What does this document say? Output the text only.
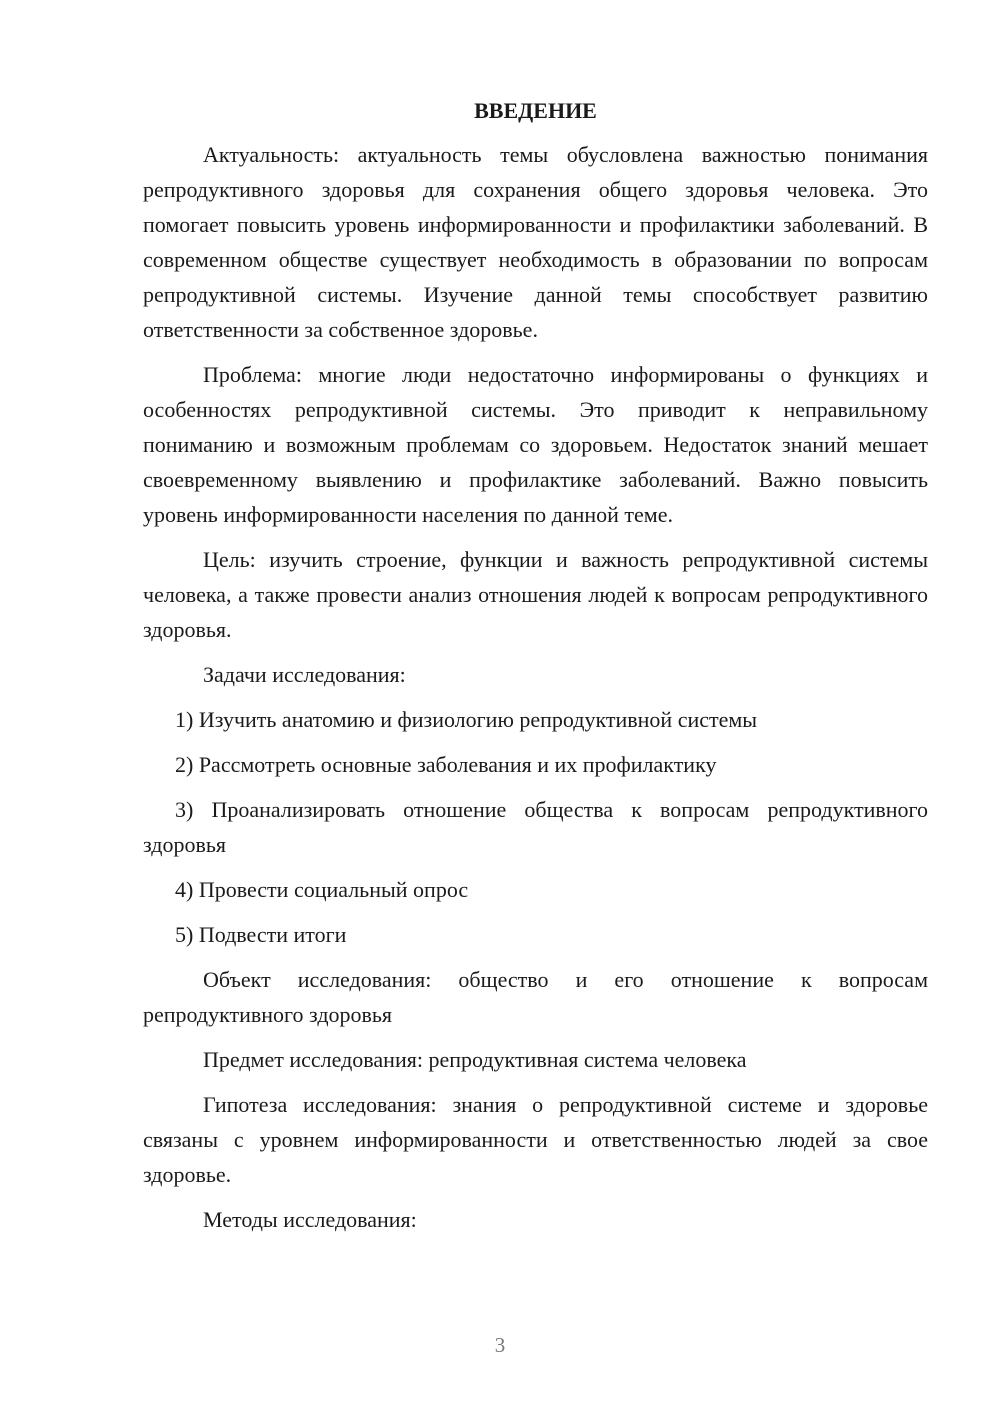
ВВЕДЕНИЕ

Актуальность: актуальность темы обусловлена важностью понимания репродуктивного здоровья для сохранения общего здоровья человека. Это помогает повысить уровень информированности и профилактики заболеваний. В современном обществе существует необходимость в образовании по вопросам репродуктивной системы. Изучение данной темы способствует развитию ответственности за собственное здоровье.

Проблема: многие люди недостаточно информированы о функциях и особенностях репродуктивной системы. Это приводит к неправильному пониманию и возможным проблемам со здоровьем. Недостаток знаний мешает своевременному выявлению и профилактике заболеваний. Важно повысить уровень информированности населения по данной теме.

Цель: изучить строение, функции и важность репродуктивной системы человека, а также провести анализ отношения людей к вопросам репродуктивного здоровья.

Задачи исследования:

1) Изучить анатомию и физиологию репродуктивной системы

2) Рассмотреть основные заболевания и их профилактику

3) Проанализировать отношение общества к вопросам репродуктивного здоровья

4) Провести социальный опрос

5) Подвести итоги

Объект исследования: общество и его отношение к вопросам репродуктивного здоровья

Предмет исследования: репродуктивная система человека

Гипотеза исследования: знания о репродуктивной системе и здоровье связаны с уровнем информированности и ответственностью людей за свое здоровье.

Методы исследования:

3
